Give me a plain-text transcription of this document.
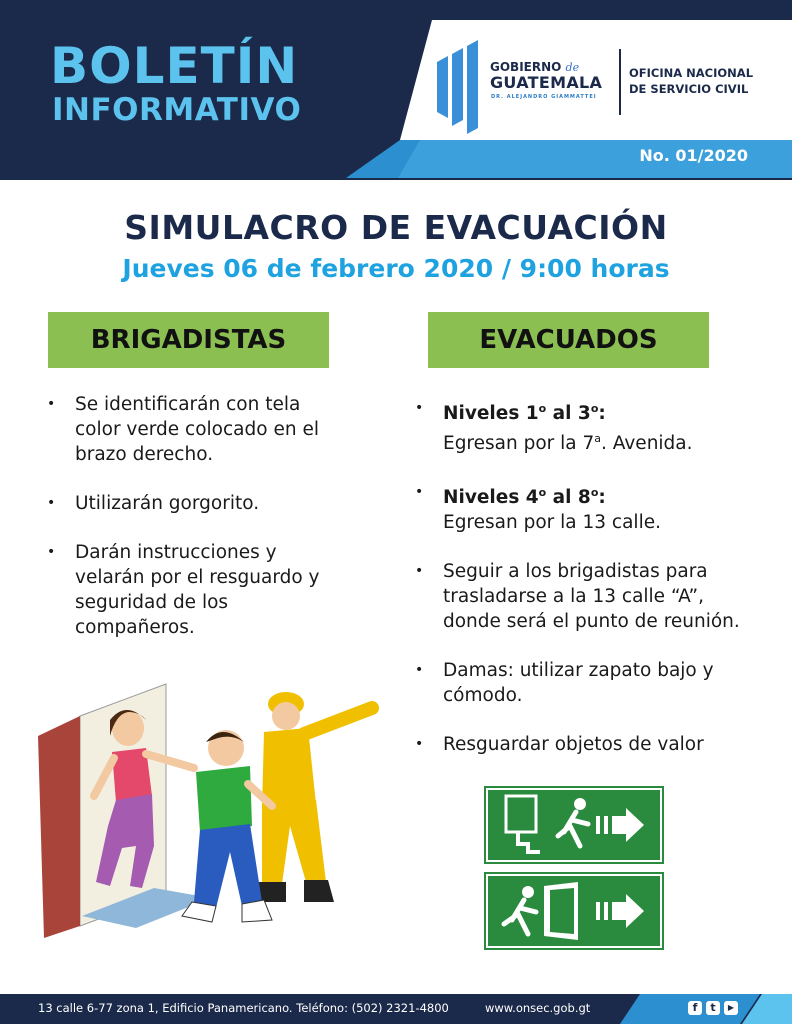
BOLETÍN
INFORMATIVO
GOBIERNO de
GUATEMALA
DR. ALEJANDRO GIAMMATTEI
OFICINA NACIONAL
DE SERVICIO CIVIL
No. 01/2020
SIMULACRO DE EVACUACIÓN
Jueves 06 de febrero 2020 / 9:00 horas
BRIGADISTAS	EVACUADOS
• Se identificarán con tela color verde colocado en el brazo derecho.
• Utilizarán gorgorito.
• Darán instrucciones y velarán por el resguardo y seguridad de los compañeros.
• Niveles 1$^o$ al 3$^o$:
Egresan por la 7$^a$. Avenida.
• Niveles 4$^o$ al 8$^o$:
Egresan por la 13 calle.
• Seguir a los brigadistas para trasladarse a la 13 calle “A”, donde será el punto de reunión.
• Damas: utilizar zapato bajo y cómodo.
• Resguardar objetos de valor
13 calle 6-77 zona 1, Edificio Panamericano. Teléfono: (502) 2321-4800	www.onsec.gob.gt	f	t	▶
